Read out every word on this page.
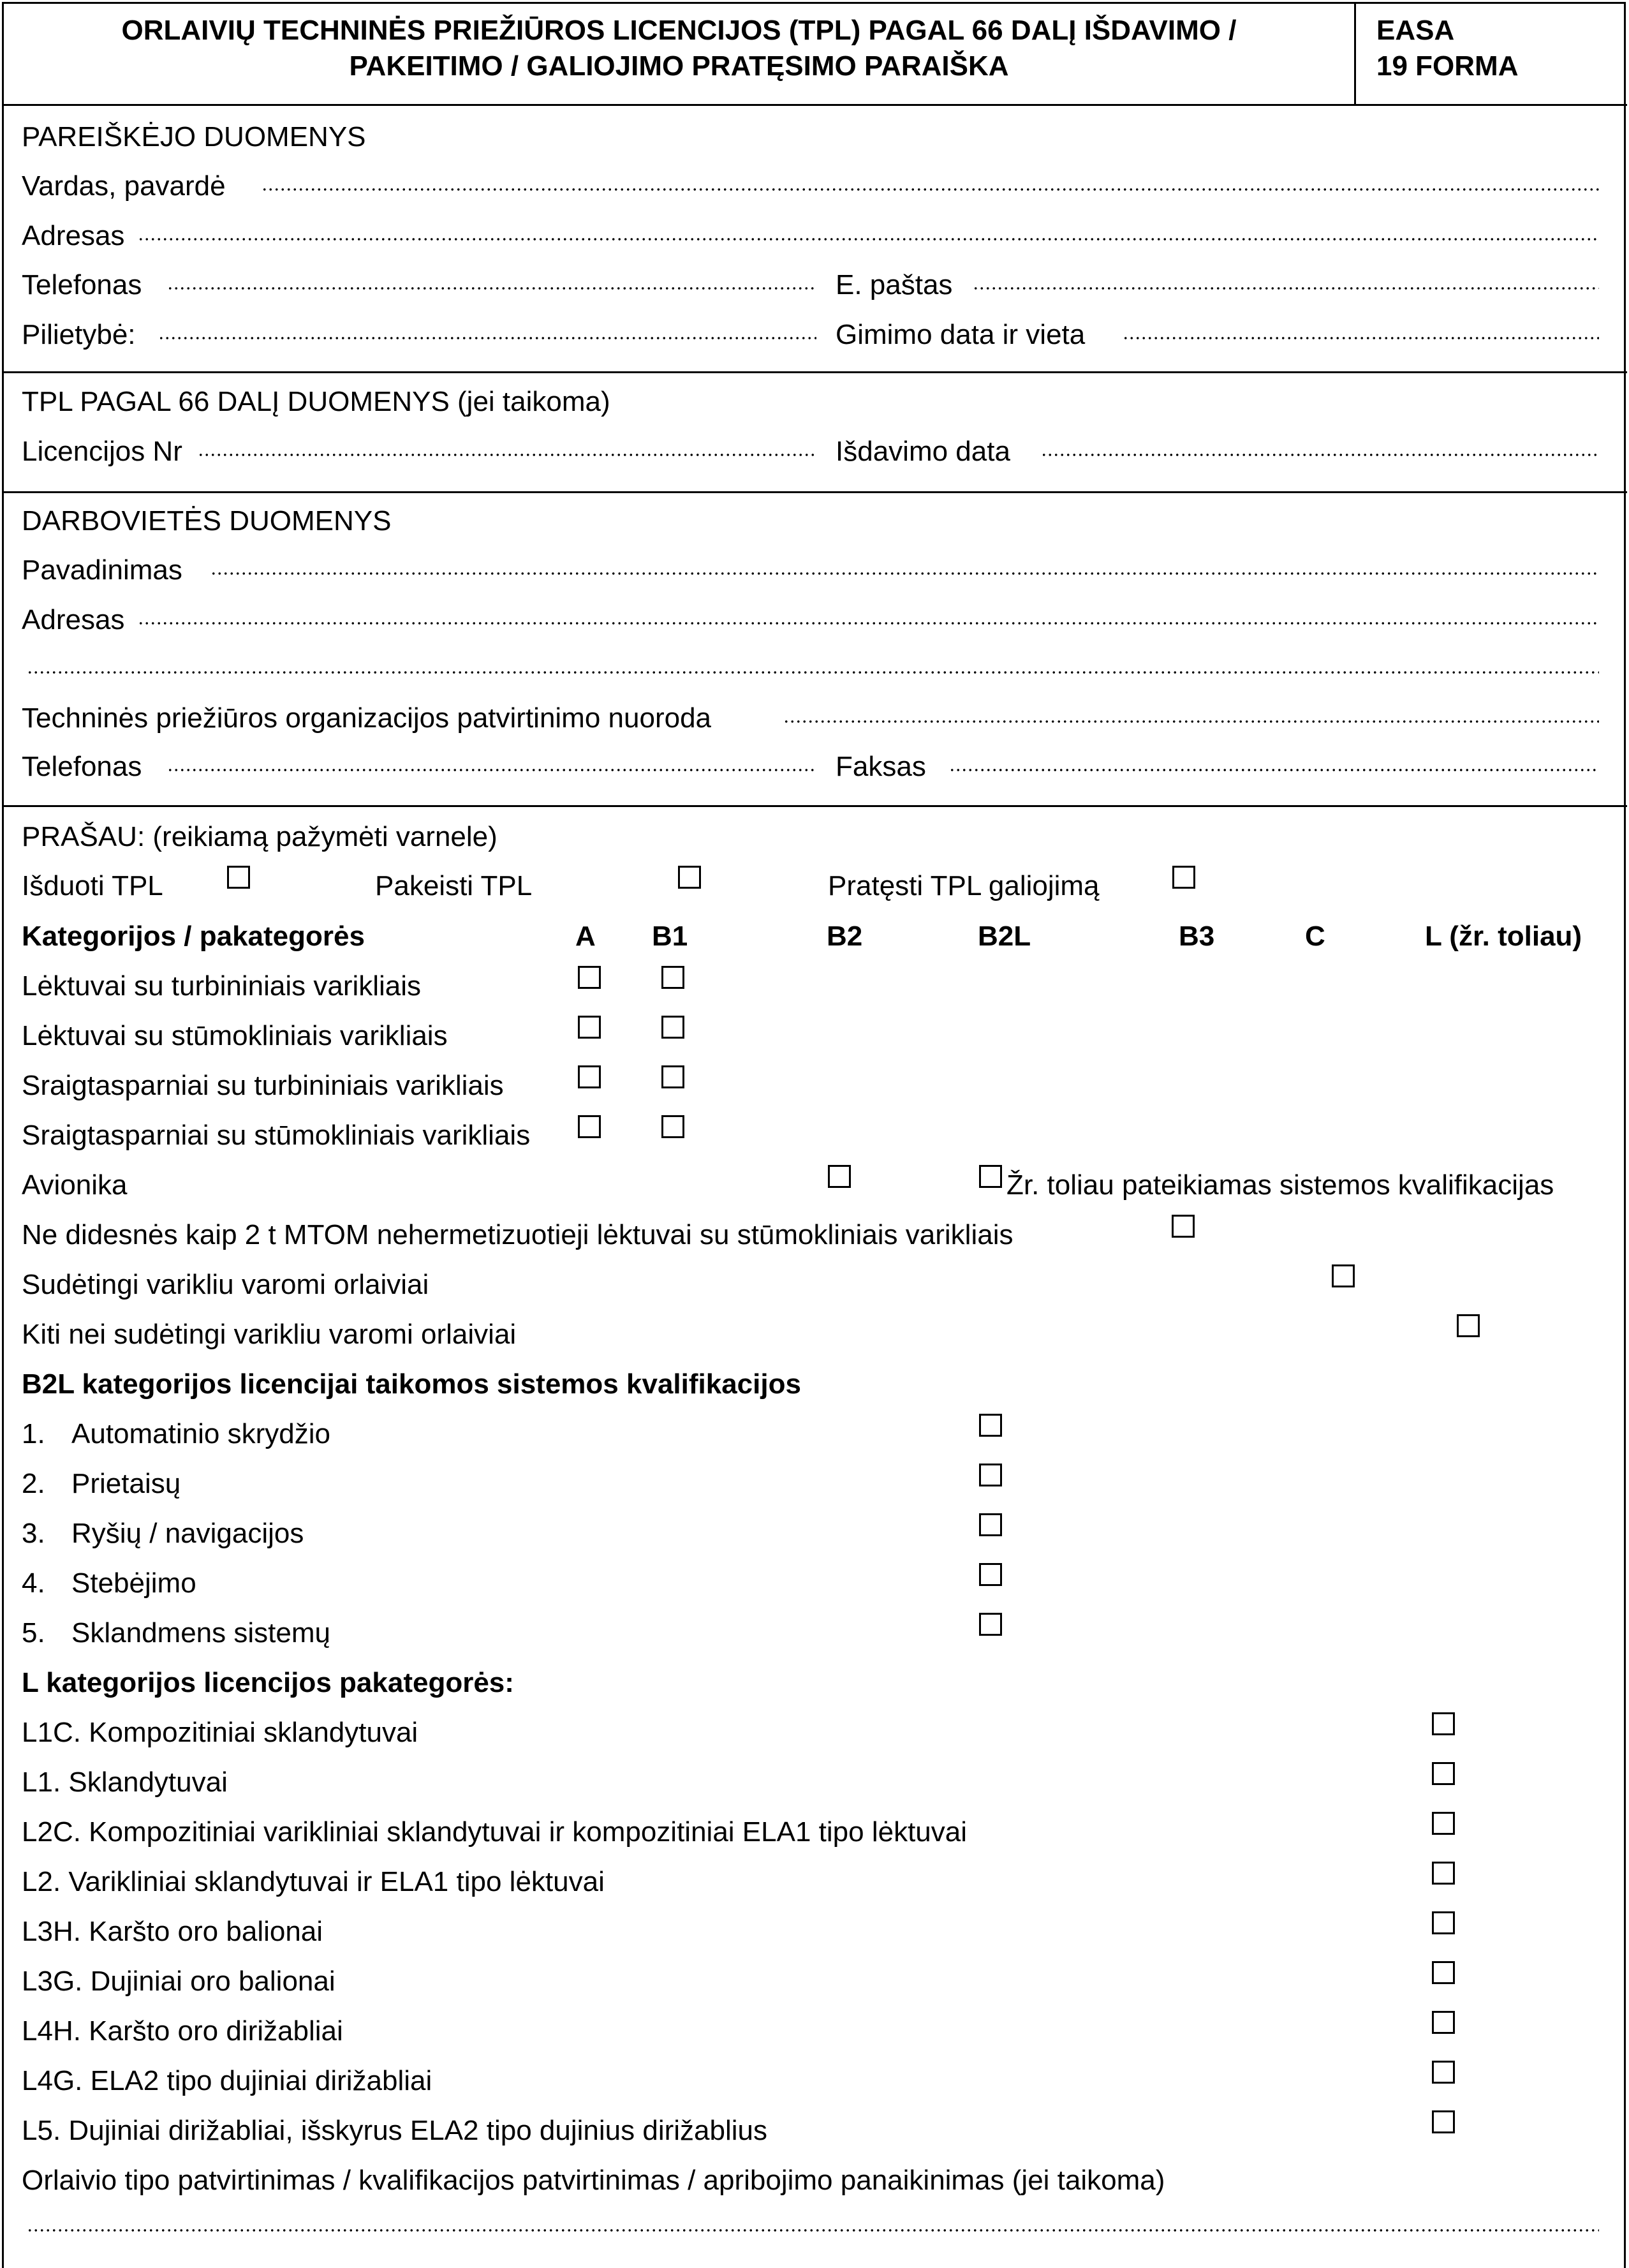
ORLAIVIŲ TECHNINĖS PRIEŽIŪROS LICENCIJOS (TPL) PAGAL 66 DALĮ IŠDAVIMO /
PAKEITIMO / GALIOJIMO PRATĘSIMO PARAIŠKA
EASA
19 FORMA
PAREIŠKĖJO DUOMENYS
Vardas, pavardė
Adresas
Telefonas	E. paštas
Pilietybė:	Gimimo data ir vieta
TPL PAGAL 66 DALĮ DUOMENYS (jei taikoma)
Licencijos Nr	Išdavimo data
DARBOVIETĖS DUOMENYS
Pavadinimas
Adresas
Techninės priežiūros organizacijos patvirtinimo nuoroda
Telefonas	Faksas
PRAŠAU: (reikiamą pažymėti varnele)
Išduoti TPL	Pakeisti TPL	Pratęsti TPL galiojimą
Kategorijos / pakategorės	A B1	B2	B2L	B3	C	L (žr. toliau)
Lėktuvai su turbininiais varikliais
Lėktuvai su stūmokliniais varikliais
Sraigtasparniai su turbininiais varikliais
Sraigtasparniai su stūmokliniais varikliais
Avionika	Žr. toliau pateikiamas sistemos kvalifikacijas
Ne didesnės kaip 2 t MTOM nehermetizuotieji lėktuvai su stūmokliniais varikliais
Sudėtingi varikliu varomi orlaiviai
Kiti nei sudėtingi varikliu varomi orlaiviai
B2L kategorijos licencijai taikomos sistemos kvalifikacijos
1. Automatinio skrydžio
2. Prietaisų
3. Ryšių / navigacijos
4. Stebėjimo
5. Sklandmens sistemų
L kategorijos licencijos pakategorės:
L1C. Kompozitiniai sklandytuvai
L1. Sklandytuvai
L2C. Kompozitiniai varikliniai sklandytuvai ir kompozitiniai ELA1 tipo lėktuvai
L2. Varikliniai sklandytuvai ir ELA1 tipo lėktuvai
L3H. Karšto oro balionai
L3G. Dujiniai oro balionai
L4H. Karšto oro dirižabliai
L4G. ELA2 tipo dujiniai dirižabliai
L5. Dujiniai dirižabliai, išskyrus ELA2 tipo dujinius dirižablius
Orlaivio tipo patvirtinimas / kvalifikacijos patvirtinimas / apribojimo panaikinimas (jei taikoma)
